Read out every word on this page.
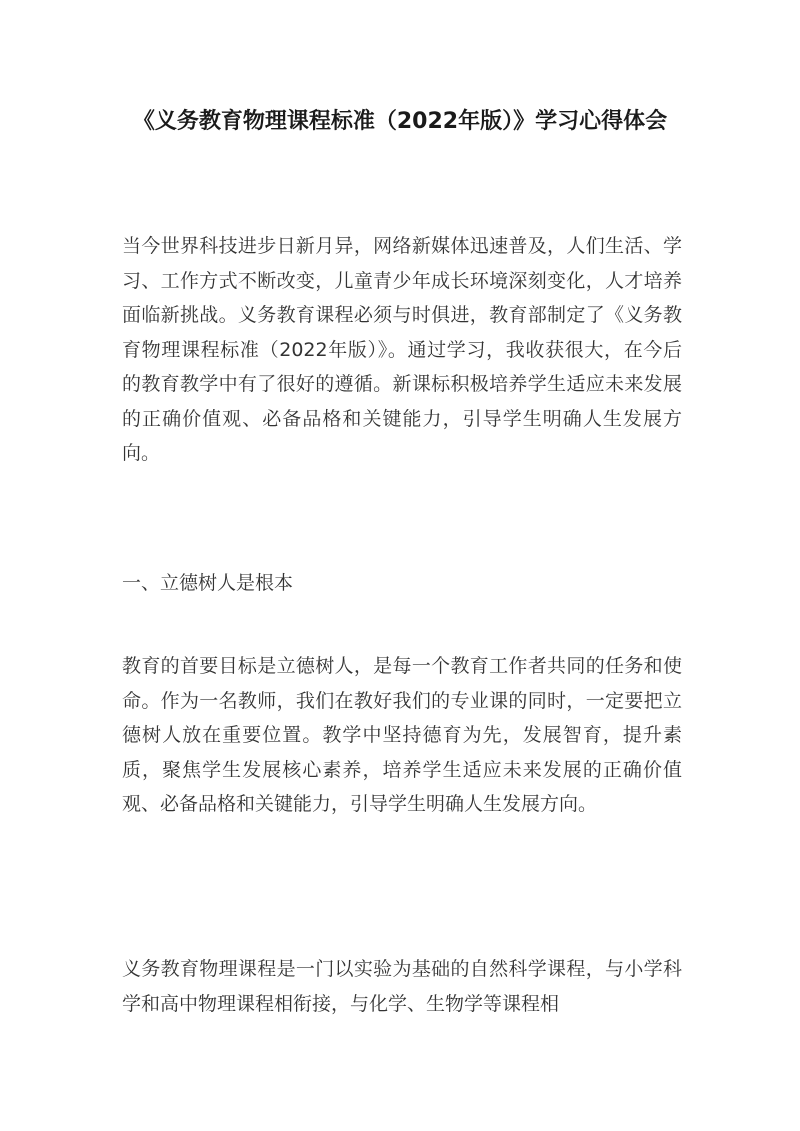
《义务教育物理课程标准（2022年版）》学习心得体会

当今世界科技进步日新月异，网络新媒体迅速普及，人们生活、学习、工作方式不断改变，儿童青少年成长环境深刻变化，人才培养面临新挑战。义务教育课程必须与时俱进，教育部制定了《义务教育物理课程标准（2022年版）》。通过学习，我收获很大，在今后的教育教学中有了很好的遵循。新课标积极培养学生适应未来发展的正确价值观、必备品格和关键能力，引导学生明确人生发展方向。

一、立德树人是根本

教育的首要目标是立德树人，是每一个教育工作者共同的任务和使命。作为一名教师，我们在教好我们的专业课的同时，一定要把立德树人放在重要位置。教学中坚持德育为先，发展智育，提升素质，聚焦学生发展核心素养，培养学生适应未来发展的正确价值观、必备品格和关键能力，引导学生明确人生发展方向。

义务教育物理课程是一门以实验为基础的自然科学课程，与小学科学和高中物理课程相衔接，与化学、生物学等课程相
